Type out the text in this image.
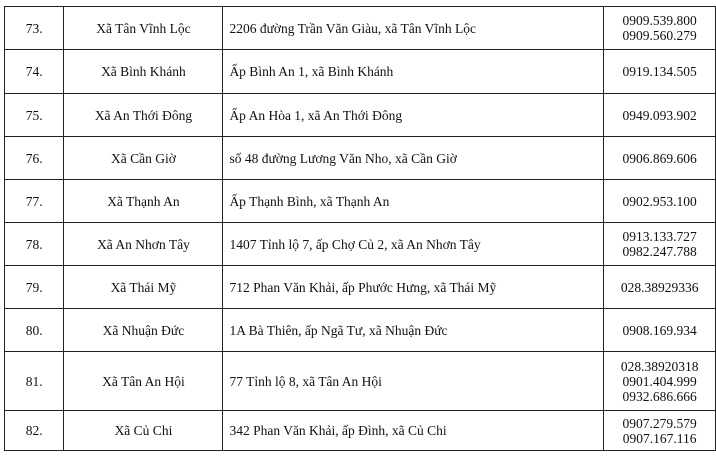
73.	Xã Tân Vĩnh Lộc	2206 đường Trần Văn Giàu, xã Tân Vĩnh Lộc	0909.539.800
0909.560.279

74.	Xã Bình Khánh	Ấp Bình An 1, xã Bình Khánh	0919.134.505

75.	Xã An Thới Đông	Ấp An Hòa 1, xã An Thới Đông	0949.093.902

76.	Xã Cần Giờ	số 48 đường Lương Văn Nho, xã Cần Giờ	0906.869.606

77.	Xã Thạnh An	Ấp Thạnh Bình, xã Thạnh An	0902.953.100

78.	Xã An Nhơn Tây	1407 Tỉnh lộ 7, ấp Chợ Củ 2, xã An Nhơn Tây	0913.133.727
0982.247.788

79.	Xã Thái Mỹ	712 Phan Văn Khải, ấp Phước Hưng, xã Thái Mỹ	028.38929336

80.	Xã Nhuận Đức	1A Bà Thiên, ấp Ngã Tư, xã Nhuận Đức	0908.169.934

81.	Xã Tân An Hội	77 Tỉnh lộ 8, xã Tân An Hội	028.38920318
0901.404.999
0932.686.666

82.	Xã Củ Chi	342 Phan Văn Khải, ấp Đình, xã Củ Chi	0907.279.579
0907.167.116
